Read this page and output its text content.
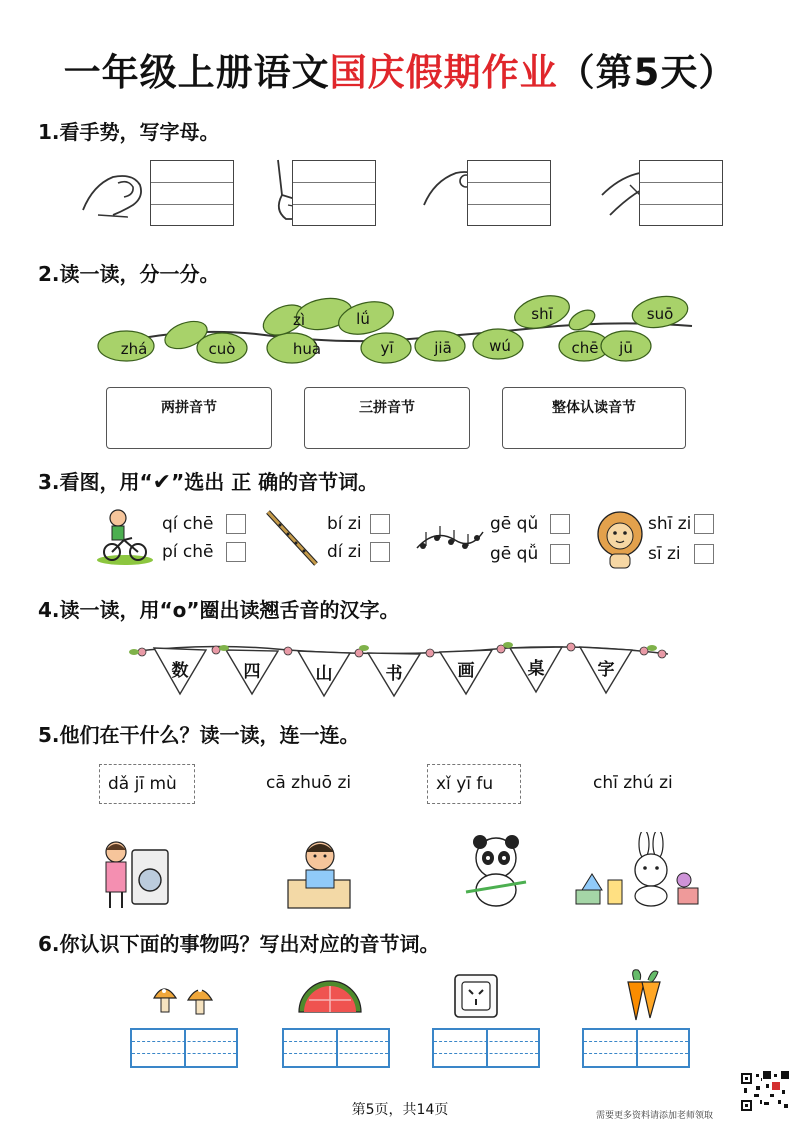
一年级上册语文国庆假期作业（第5天）
1.看手势，写字母。
2.读一读，分一分。
zhá	cuò
zì
huà
lǘ
yī	jiā	wú
shī
chē
suō
jū
两拼音节	三拼音节	整体认读音节
3.看图，用“✔”选出 正 确的音节词。
qí chē
pí chē
bí zi
dí zi
gē qǔ
gē qǚ
shī zi
sī zi
4.读一读，用“o”圈出读翘舌音的汉字。
数	四	山	书	画	桌	字
5.他们在干什么？读一读，连一连。
dǎ jī mù	cā zhuō zi	xǐ yī fu	chī zhú zi
6.你认识下面的事物吗？写出对应的音节词。
第5页，共14页	需要更多资料请添加老师领取
